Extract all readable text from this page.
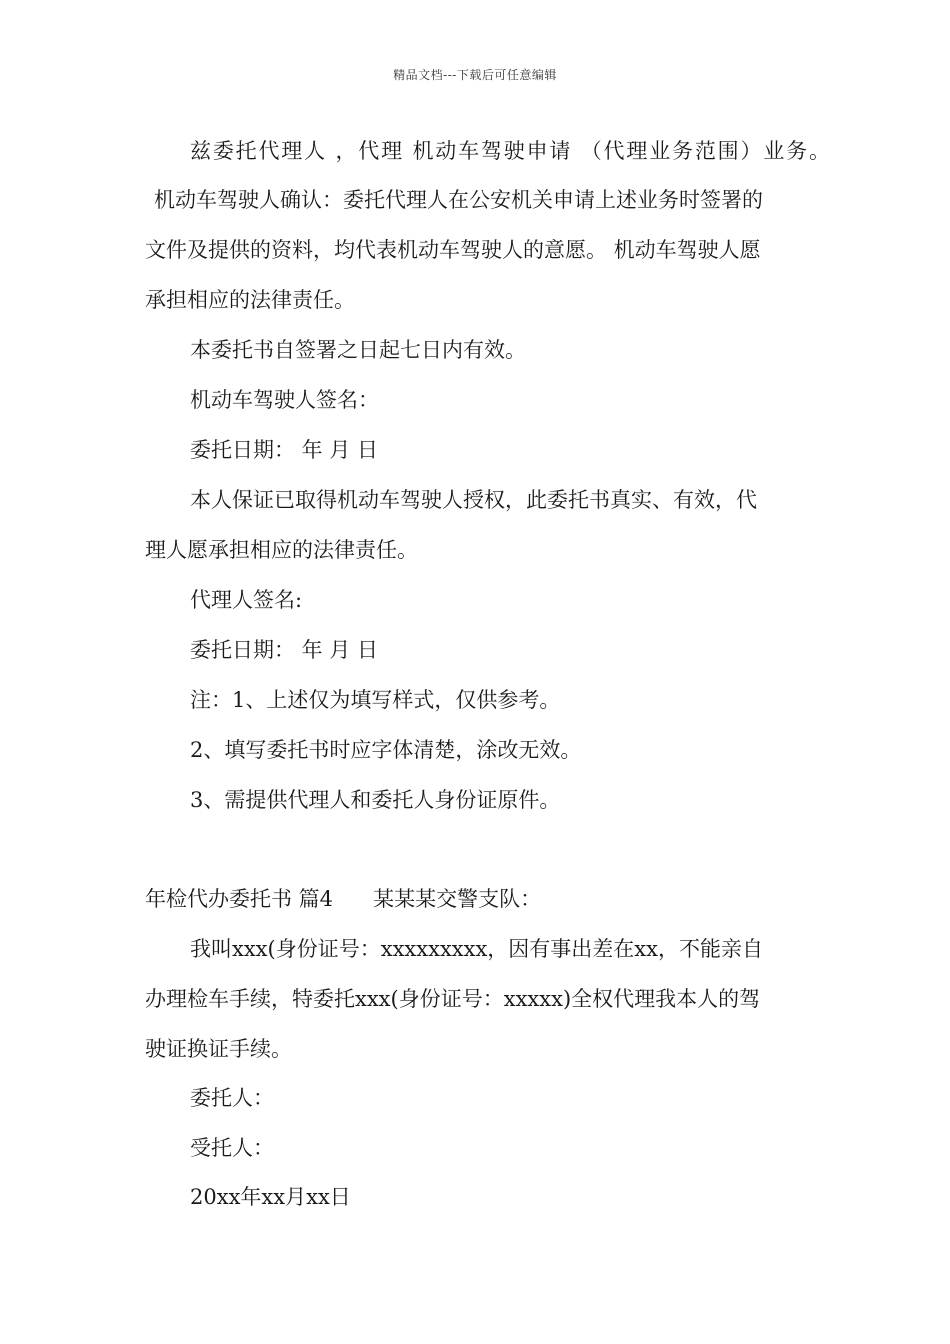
精品文档---下载后可任意编辑
兹委托代理人 ，代理 机动车驾驶申请 （代理业务范围）业务。
机动车驾驶人确认：委托代理人在公安机关申请上述业务时签署的
文件及提供的资料，均代表机动车驾驶人的意愿。 机动车驾驶人愿
承担相应的法律责任。
本委托书自签署之日起七日内有效。
机动车驾驶人签名：
委托日期： 年 月 日
本人保证已取得机动车驾驶人授权，此委托书真实、有效，代
理人愿承担相应的法律责任。
代理人签名:
委托日期： 年 月 日
注：1、上述仅为填写样式，仅供参考。
2、填写委托书时应字体清楚，涂改无效。
3、需提供代理人和委托人身份证原件。
年检代办委托书 篇4      某某某交警支队：
我叫xxx(身份证号：xxxxxxxxx，因有事出差在xx，不能亲自
办理检车手续，特委托xxx(身份证号：xxxxx)全权代理我本人的驾
驶证换证手续。
委托人：
受托人：
20xx年xx月xx日
